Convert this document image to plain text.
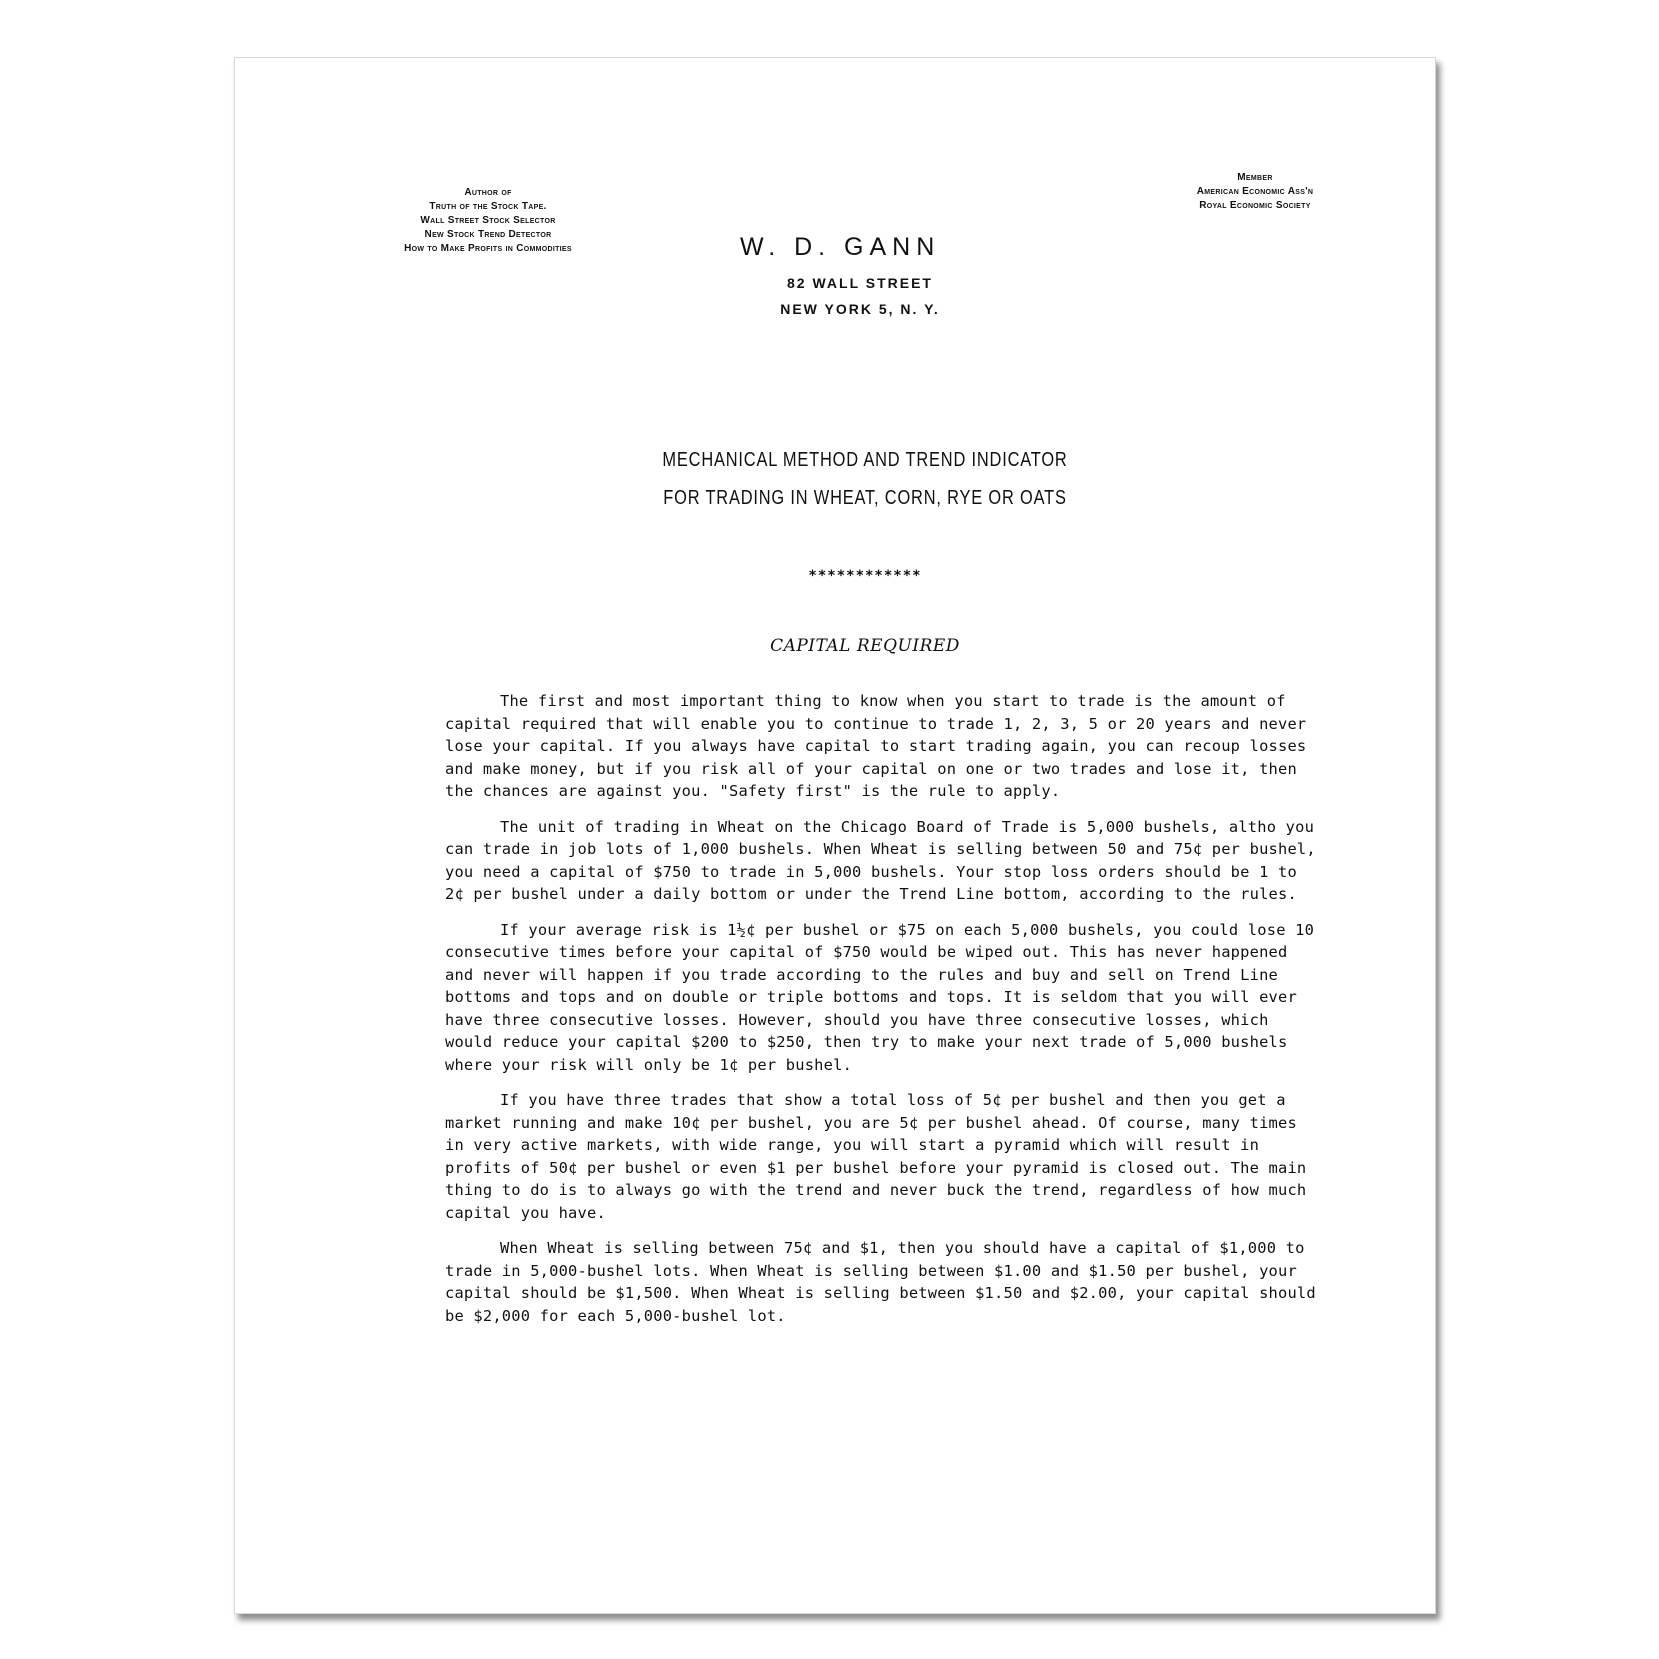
Author of
Truth of the Stock Tape.
Wall Street Stock Selector
New Stock Trend Detector
How to Make Profits in Commodities
Member
American Economic Ass'n
Royal Economic Society
W. D. GANN
82 WALL STREET
NEW YORK 5, N. Y.
MECHANICAL METHOD AND TREND INDICATOR
FOR TRADING IN WHEAT, CORN, RYE OR OATS
************
CAPITAL REQUIRED

The first and most important thing to know when you start to trade is the amount of capital required that will enable you to continue to trade 1, 2, 3, 5 or 20 years and never lose your capital. If you always have capital to start trading again, you can recoup losses and make money, but if you risk all of your capital on one or two trades and lose it, then the chances are against you. "Safety first" is the rule to apply.

The unit of trading in Wheat on the Chicago Board of Trade is 5,000 bushels, altho you can trade in job lots of 1,000 bushels. When Wheat is selling between 50 and 75¢ per bushel, you need a capital of $750 to trade in 5,000 bushels. Your stop loss orders should be 1 to 2¢ per bushel under a daily bottom or under the Trend Line bottom, according to the rules.

If your average risk is 1½¢ per bushel or $75 on each 5,000 bushels, you could lose 10 consecutive times before your capital of $750 would be wiped out. This has never happened and never will happen if you trade according to the rules and buy and sell on Trend Line bottoms and tops and on double or triple bottoms and tops. It is seldom that you will ever have three consecutive losses. However, should you have three consecutive losses, which would reduce your capital $200 to $250, then try to make your next trade of 5,000 bushels where your risk will only be 1¢ per bushel.

If you have three trades that show a total loss of 5¢ per bushel and then you get a market running and make 10¢ per bushel, you are 5¢ per bushel ahead. Of course, many times in very active markets, with wide range, you will start a pyramid which will result in profits of 50¢ per bushel or even $1 per bushel before your pyramid is closed out. The main thing to do is to always go with the trend and never buck the trend, regardless of how much capital you have.

When Wheat is selling between 75¢ and $1, then you should have a capital of $1,000 to trade in 5,000-bushel lots. When Wheat is selling between $1.00 and $1.50 per bushel, your capital should be $1,500. When Wheat is selling between $1.50 and $2.00, your capital should be $2,000 for each 5,000-bushel lot.
